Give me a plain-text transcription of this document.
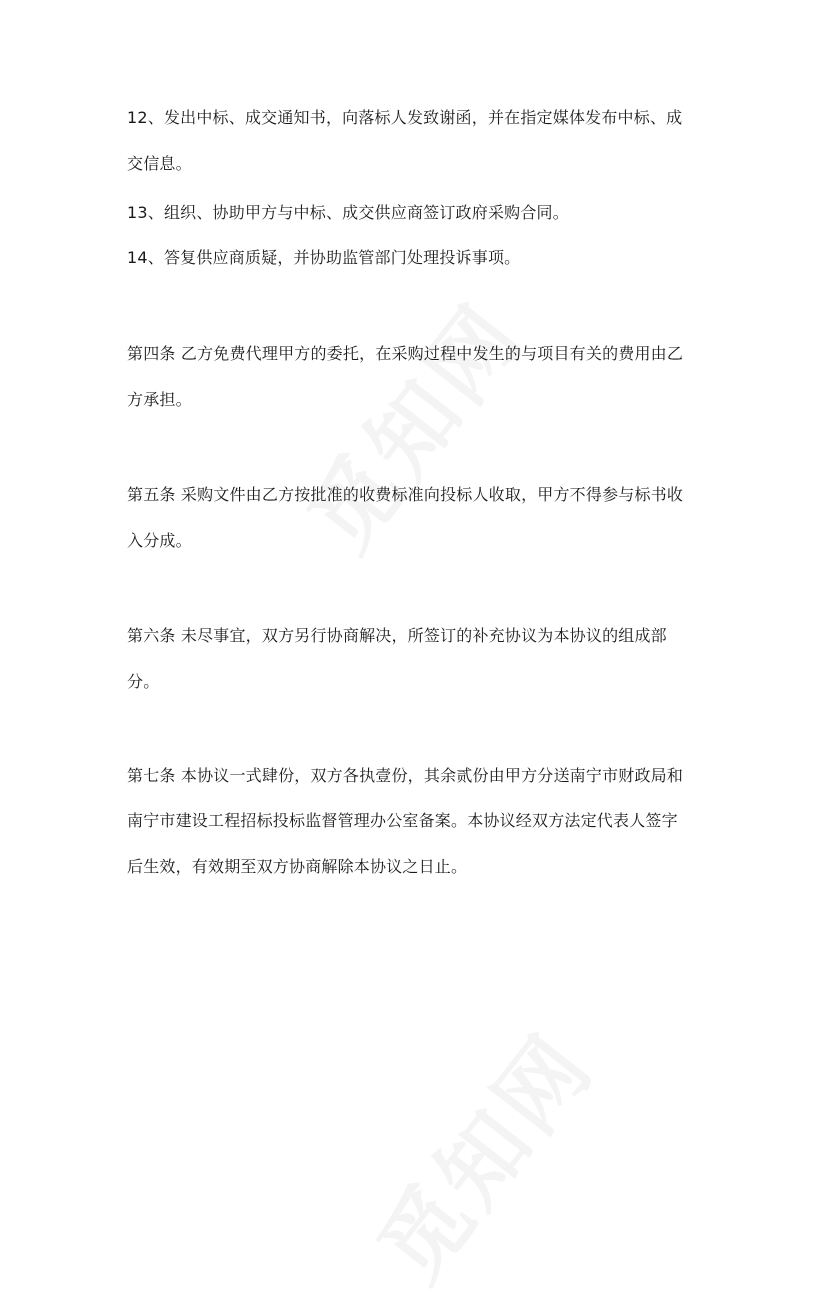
12、发出中标、成交通知书，向落标人发致谢函，并在指定媒体发布中标、成
交信息。
13、组织、协助甲方与中标、成交供应商签订政府采购合同。
14、答复供应商质疑，并协助监管部门处理投诉事项。
第四条 乙方免费代理甲方的委托，在采购过程中发生的与项目有关的费用由乙
方承担。
第五条 采购文件由乙方按批准的收费标准向投标人收取，甲方不得参与标书收
入分成。
第六条 未尽事宜，双方另行协商解决，所签订的补充协议为本协议的组成部
分。
第七条 本协议一式肆份，双方各执壹份，其余贰份由甲方分送南宁市财政局和
南宁市建设工程招标投标监督管理办公室备案。本协议经双方法定代表人签字
后生效，有效期至双方协商解除本协议之日止。
